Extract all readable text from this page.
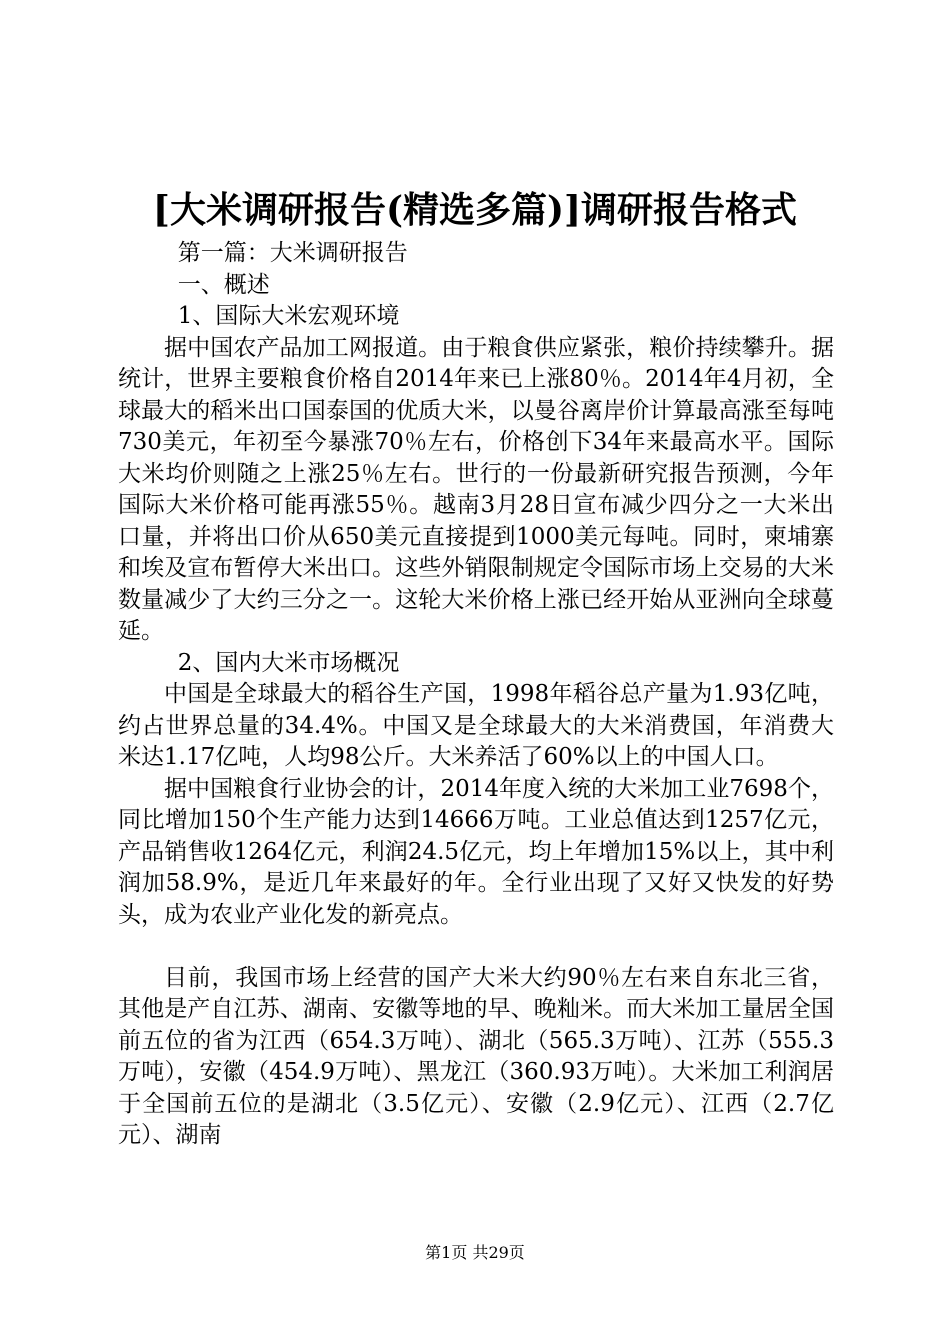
[大米调研报告(精选多篇)]调研报告格式

第一篇：大米调研报告

一、概述

1、国际大米宏观环境

据中国农产品加工网报道。由于粮食供应紧张，粮价持续攀升。据统计，世界主要粮食价格自2014年来已上涨80％。2014年4月初，全球最大的稻米出口国泰国的优质大米，以曼谷离岸价计算最高涨至每吨730美元，年初至今暴涨70％左右，价格创下34年来最高水平。国际大米均价则随之上涨25％左右。世行的一份最新研究报告预测，今年国际大米价格可能再涨55％。越南3月28日宣布减少四分之一大米出口量，并将出口价从650美元直接提到1000美元每吨。同时，柬埔寨和埃及宣布暂停大米出口。这些外销限制规定令国际市场上交易的大米数量减少了大约三分之一。这轮大米价格上涨已经开始从亚洲向全球蔓延。

2、国内大米市场概况

中国是全球最大的稻谷生产国，1998年稻谷总产量为1.93亿吨，约占世界总量的34.4%。中国又是全球最大的大米消费国，年消费大米达1.17亿吨，人均98公斤。大米养活了60%以上的中国人口。

据中国粮食行业协会的计，2014年度入统的大米加工业7698个，同比增加150个生产能力达到14666万吨。工业总值达到1257亿元，产品销售收1264亿元，利润24.5亿元，均上年增加15%以上，其中利润加58.9%，是近几年来最好的年。全行业出现了又好又快发的好势头，成为农业产业化发的新亮点。

目前，我国市场上经营的国产大米大约90％左右来自东北三省，其他是产自江苏、湖南、安徽等地的早、晚籼米。而大米加工量居全国前五位的省为江西（654.3万吨）、湖北（565.3万吨）、江苏（555.3万吨），安徽（454.9万吨）、黑龙江（360.93万吨）。大米加工利润居于全国前五位的是湖北（3.5亿元）、安徽（2.9亿元）、江西（2.7亿元）、湖南

第1页 共29页
